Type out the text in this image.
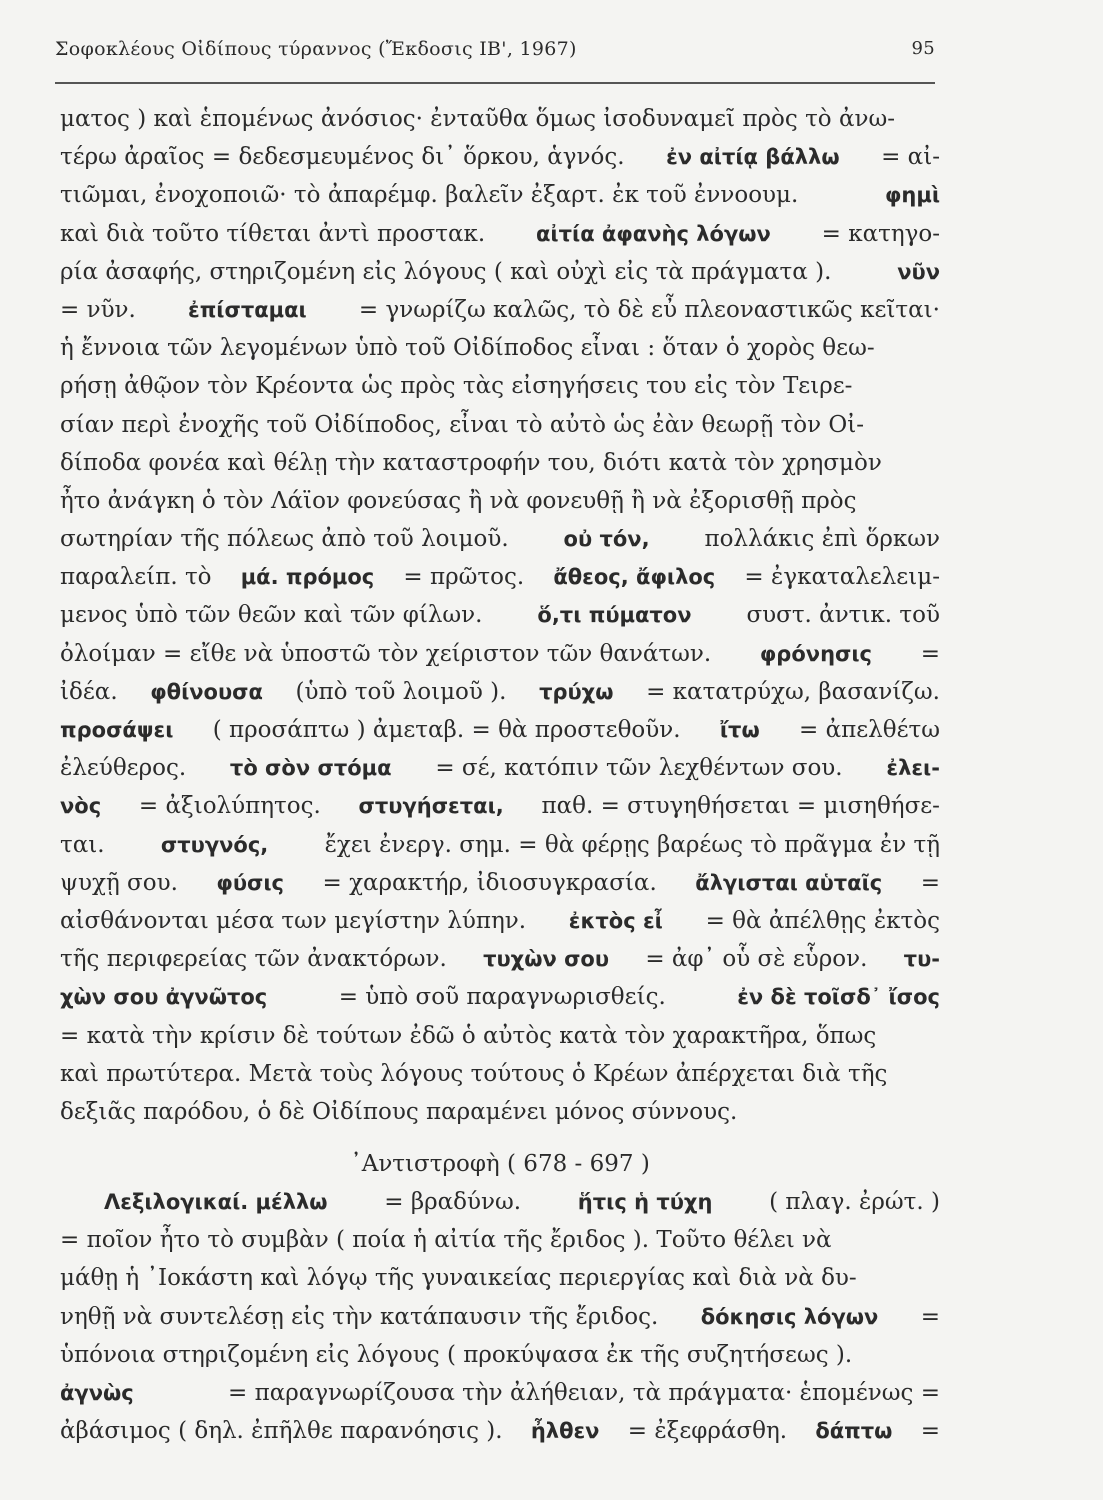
Σοφοκλέους Οἰδίπους τύραννος (Ἔκδοσις ΙΒ', 1967)	95
ματος ) καὶ ἑπομένως ἀνόσιος· ἐνταῦθα ὅμως ἰσοδυναμεῖ πρὸς τὸ ἀνω-
τέρω ἀραῖος = δεδεσμευμένος δι᾽ ὅρκου, ἁγνός. ἐν αἰτίᾳ βάλλω = αἰ-
τιῶμαι, ἐνοχοποιῶ· τὸ ἀπαρέμφ. βαλεῖν ἐξαρτ. ἐκ τοῦ ἐννοουμ.	φημὶ
καὶ διὰ τοῦτο τίθεται ἀντὶ προστακ. αἰτία ἀφανὴς λόγων = κατηγο-
ρία ἀσαφής, στηριζομένη εἰς λόγους ( καὶ οὐχὶ εἰς τὰ πράγματα ).	νῦν
= νῦν. ἐπίσταμαι = γνωρίζω καλῶς, τὸ δὲ εὖ πλεοναστικῶς κεῖται·
ἡ ἔννοια τῶν λεγομένων ὑπὸ τοῦ Οἰδίποδος εἶναι : ὅταν ὁ χορὸς θεω-
ρήσῃ ἀθῷον τὸν Κρέοντα ὡς πρὸς τὰς εἰσηγήσεις του εἰς τὸν Τειρε-
σίαν περὶ ἐνοχῆς τοῦ Οἰδίποδος, εἶναι τὸ αὐτὸ ὡς ἐὰν θεωρῇ τὸν Οἰ-
δίποδα φονέα καὶ θέλῃ τὴν καταστροφήν του, διότι κατὰ τὸν χρησμὸν
ἦτο ἀνάγκη ὁ τὸν Λάϊον φονεύσας ἢ νὰ φονευθῇ ἢ νὰ ἐξορισθῇ πρὸς
σωτηρίαν τῆς πόλεως ἀπὸ τοῦ λοιμοῦ.	οὐ τόν, πολλάκις ἐπὶ ὅρκων
παραλείπ. τὸ μά. πρόμος = πρῶτος. ἄθεος, ἄφιλος = ἐγκαταλελειμ-
μενος ὑπὸ τῶν θεῶν καὶ τῶν φίλων.	ὅ,τι πύματον συστ. ἀντικ. τοῦ
ὀλοίμαν = εἴθε νὰ ὑποστῶ τὸν χείριστον τῶν θανάτων. φρόνησις =
ἰδέα. φθίνουσα (ὑπὸ τοῦ λοιμοῦ ). τρύχω = κατατρύχω, βασανίζω.
προσάψει ( προσάπτω ) ἀμεταβ. = θὰ προστεθοῦν. ἴτω = ἀπελθέτω
ἐλεύθερος. τὸ σὸν στόμα = σέ, κατόπιν τῶν λεχθέντων σου. ἐλει-
νὸς = ἀξιολύπητος. στυγήσεται, παθ. = στυγηθήσεται = μισηθήσε-
ται.	στυγνός, ἔχει ἐνεργ. σημ. = θὰ φέρῃς βαρέως τὸ πρᾶγμα ἐν τῇ
ψυχῇ σου. φύσις = χαρακτήρ, ἰδιοσυγκρασία. ἄλγισται αὑταῖς =
αἰσθάνονται μέσα των μεγίστην λύπην. ἐκτὸς εἶ = θὰ ἀπέλθῃς ἐκτὸς
τῆς περιφερείας τῶν ἀνακτόρων. τυχὼν σου = ἀφ᾽ οὗ σὲ εὗρον. τυ-
χὼν σου ἀγνῶτος	= ὑπὸ σοῦ παραγνωρισθείς.	ἐν δὲ τοῖσδ᾽ ἴσος
= κατὰ τὴν κρίσιν δὲ τούτων ἐδῶ ὁ αὐτὸς κατὰ τὸν χαρακτῆρα, ὅπως
καὶ πρωτύτερα. Μετὰ τοὺς λόγους τούτους ὁ Κρέων ἀπέρχεται διὰ τῆς
δεξιᾶς παρόδου, ὁ δὲ Οἰδίπους παραμένει μόνος σύννους.
᾿Αντιστροφὴ ( 678 - 697 )
Λεξιλογικαί. μέλλω = βραδύνω.	ἥτις ἡ τύχη ( πλαγ. ἐρώτ. )
= ποῖον ἦτο τὸ συμβὰν ( ποία ἡ αἰτία τῆς ἔριδος ). Τοῦτο θέλει νὰ
μάθῃ ἡ ᾿Ιοκάστη καὶ λόγῳ τῆς γυναικείας περιεργίας καὶ διὰ νὰ δυ-
νηθῇ νὰ συντελέσῃ εἰς τὴν κατάπαυσιν τῆς ἔριδος. δόκησις λόγων =
ὑπόνοια στηριζομένη εἰς λόγους ( προκύψασα ἐκ τῆς συζητήσεως ).
ἀγνὼς	= παραγνωρίζουσα τὴν ἀλήθειαν, τὰ πράγματα· ἑπομένως =
ἀβάσιμος ( δηλ. ἐπῆλθε παρανόησις ). ἦλθεν = ἐξεφράσθη. δάπτω =
